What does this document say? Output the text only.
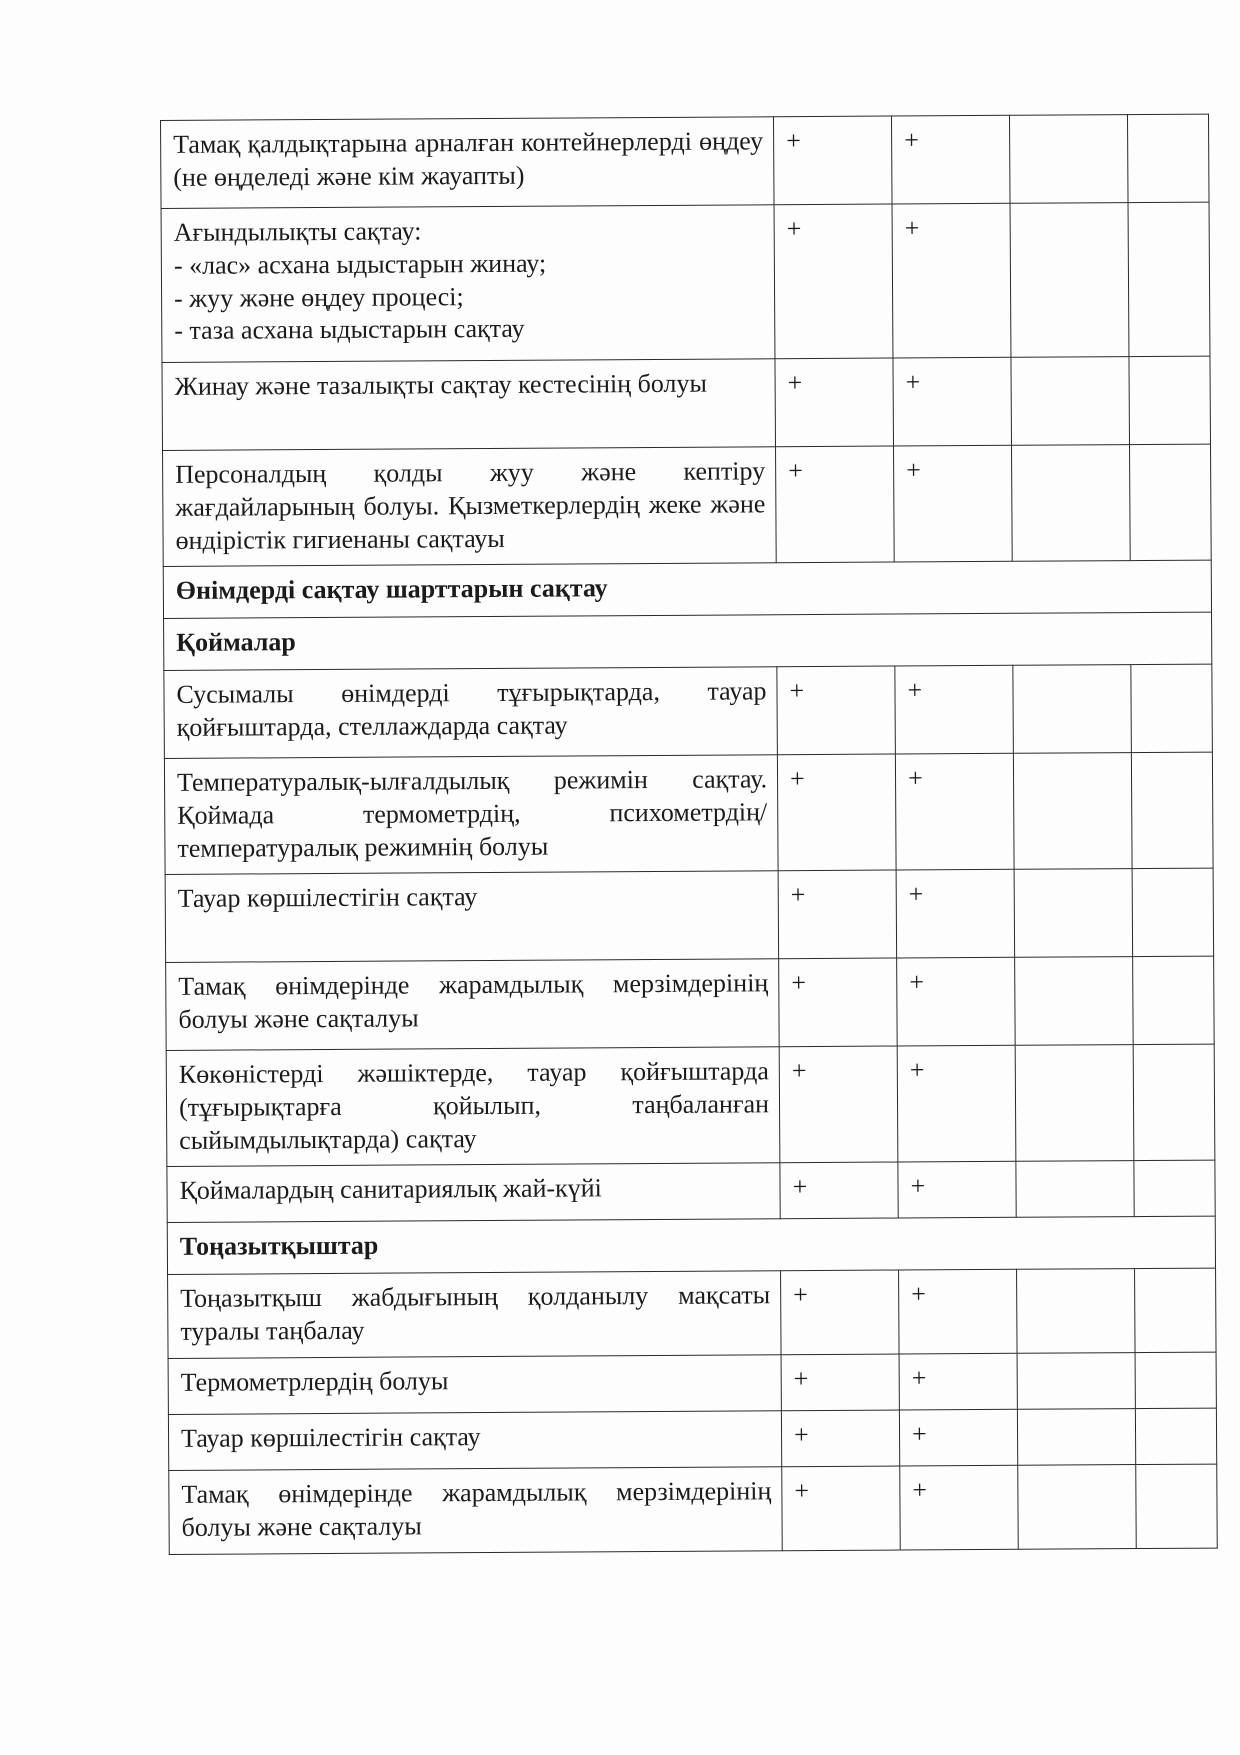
Тамақ қалдықтарына арналған контейнерлерді өңдеу (не өңделеді және кім жауапты)	+	+		

Ағындылықты сақтау:
- «лас» асхана ыдыстарын жинау;
- жуу және өңдеу процесі;
- таза асхана ыдыстарын сақтау	+	+		
Жинау және тазалықты сақтау кестесінің болуы	+	+		
Персоналдың қолды жуу және кептіру жағдайларының болуы. Қызметкерлердің жеке және өндірістік гигиенаны сақтауы	+	+		
Өнімдерді сақтау шарттарын сақтау				
Қоймалар				
Сусымалы өнімдерді тұғырықтарда, тауар қойғыштарда, стеллаждарда сақтау	+	+		
Температуралық-ылғалдылық режимін сақтау. Қоймада термометрдің, психометрдің/температуралық режимнің болуы	+	+		
Тауар көршілестігін сақтау	+	+		
Тамақ өнімдерінде жарамдылық мерзімдерінің болуы және сақталуы	+	+		
Көкөністерді жәшіктерде, тауар қойғыштарда (тұғырықтарға қойылып, таңбаланған сыйымдылықтарда) сақтау	+	+		
Қоймалардың санитариялық жай-күйі	+	+		
Тоңазытқыштар				
Тоңазытқыш жабдығының қолданылу мақсаты туралы таңбалау	+	+		
Термометрлердің болуы	+	+		
Тауар көршілестігін сақтау	+	+		
Тамақ өнімдерінде жарамдылық мерзімдерінің болуы және сақталуы	+	+		
